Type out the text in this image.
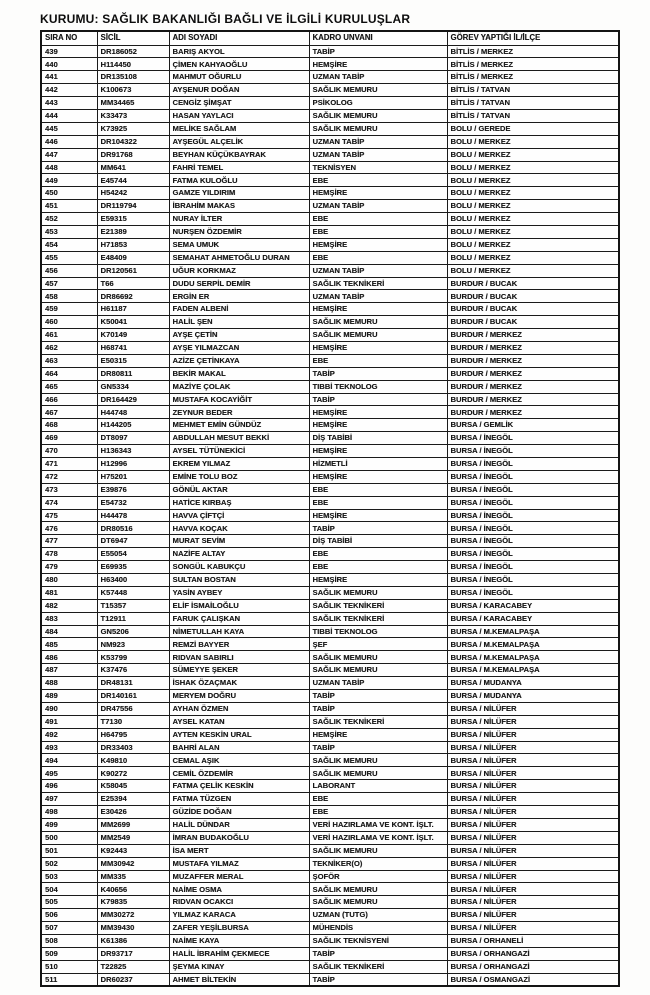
KURUMU: SAĞLIK BAKANLIĞI BAĞLI VE İLGİLİ KURULUŞLAR
SIRA NO	SİCİL	ADI SOYADI	KADRO UNVANI	GÖREV YAPTIĞI İL/İLÇE
439	DR186052	BARIŞ AKYOL	TABİP	BİTLİS / MERKEZ
440	H114450	ÇİMEN KAHYAOĞLU	HEMŞİRE	BİTLİS / MERKEZ
441	DR135108	MAHMUT OĞURLU	UZMAN TABİP	BİTLİS / MERKEZ
442	K100673	AYŞENUR DOĞAN	SAĞLIK MEMURU	BİTLİS / TATVAN
443	MM34465	CENGİZ ŞİMŞAT	PSİKOLOG	BİTLİS / TATVAN
444	K33473	HASAN YAYLACI	SAĞLIK MEMURU	BİTLİS / TATVAN
445	K73925	MELİKE SAĞLAM	SAĞLIK MEMURU	BOLU / GEREDE
446	DR104322	AYŞEGÜL ALÇELİK	UZMAN TABİP	BOLU / MERKEZ
447	DR91768	BEYHAN KÜÇÜKBAYRAK	UZMAN TABİP	BOLU / MERKEZ
448	MM641	FAHRİ TEMEL	TEKNİSYEN	BOLU / MERKEZ
449	E45744	FATMA KULOĞLU	EBE	BOLU / MERKEZ
450	H54242	GAMZE YILDIRIM	HEMŞİRE	BOLU / MERKEZ
451	DR119794	İBRAHİM MAKAS	UZMAN TABİP	BOLU / MERKEZ
452	E59315	NURAY İLTER	EBE	BOLU / MERKEZ
453	E21389	NURŞEN ÖZDEMİR	EBE	BOLU / MERKEZ
454	H71853	SEMA UMUK	HEMŞİRE	BOLU / MERKEZ
455	E48409	SEMAHAT AHMETOĞLU DURAN	EBE	BOLU / MERKEZ
456	DR120561	UĞUR KORKMAZ	UZMAN TABİP	BOLU / MERKEZ
457	T66	DUDU SERPİL DEMİR	SAĞLIK TEKNİKERİ	BURDUR / BUCAK
458	DR86692	ERGİN ER	UZMAN TABİP	BURDUR / BUCAK
459	H61187	FADEN ALBENİ	HEMŞİRE	BURDUR / BUCAK
460	K50041	HALİL ŞEN	SAĞLIK MEMURU	BURDUR / BUCAK
461	K70149	AYŞE ÇETİN	SAĞLIK MEMURU	BURDUR / MERKEZ
462	H68741	AYŞE YILMAZCAN	HEMŞİRE	BURDUR / MERKEZ
463	E50315	AZİZE ÇETİNKAYA	EBE	BURDUR / MERKEZ
464	DR80811	BEKİR MAKAL	TABİP	BURDUR / MERKEZ
465	GN5334	MAZİYE ÇOLAK	TIBBİ TEKNOLOG	BURDUR / MERKEZ
466	DR164429	MUSTAFA KOCAYİĞİT	TABİP	BURDUR / MERKEZ
467	H44748	ZEYNUR BEDER	HEMŞİRE	BURDUR / MERKEZ
468	H144205	MEHMET EMİN GÜNDÜZ	HEMŞİRE	BURSA / GEMLİK
469	DT8097	ABDULLAH MESUT BEKKİ	DİŞ TABİBİ	BURSA / İNEGÖL
470	H136343	AYSEL TÜTÜNEKİCİ	HEMŞİRE	BURSA / İNEGÖL
471	H12996	EKREM YILMAZ	HİZMETLİ	BURSA / İNEGÖL
472	H75201	EMİNE TOLU BOZ	HEMŞİRE	BURSA / İNEGÖL
473	E39876	GÖNÜL AKTAR	EBE	BURSA / İNEGÖL
474	E54732	HATİCE KIRBAŞ	EBE	BURSA / İNEGÖL
475	H44478	HAVVA ÇİFTÇİ	HEMŞİRE	BURSA / İNEGÖL
476	DR80516	HAVVA KOÇAK	TABİP	BURSA / İNEGÖL
477	DT6947	MURAT SEVİM	DİŞ TABİBİ	BURSA / İNEGÖL
478	E55054	NAZİFE ALTAY	EBE	BURSA / İNEGÖL
479	E69935	SONGÜL KABUKÇU	EBE	BURSA / İNEGÖL
480	H63400	SULTAN BOSTAN	HEMŞİRE	BURSA / İNEGÖL
481	K57448	YASİN AYBEY	SAĞLIK MEMURU	BURSA / İNEGÖL
482	T15357	ELİF İSMAİLOĞLU	SAĞLIK TEKNİKERİ	BURSA / KARACABEY
483	T12911	FARUK ÇALIŞKAN	SAĞLIK TEKNİKERİ	BURSA / KARACABEY
484	GN5206	NİMETULLAH KAYA	TIBBİ TEKNOLOG	BURSA / M.KEMALPAŞA
485	NM923	REMZİ BAYYER	ŞEF	BURSA / M.KEMALPAŞA
486	K53799	RIDVAN SABIRLI	SAĞLIK MEMURU	BURSA / M.KEMALPAŞA
487	K37476	SÜMEYYE ŞEKER	SAĞLIK MEMURU	BURSA / M.KEMALPAŞA
488	DR48131	İSHAK ÖZAÇMAK	UZMAN TABİP	BURSA / MUDANYA
489	DR140161	MERYEM DOĞRU	TABİP	BURSA / MUDANYA
490	DR47556	AYHAN ÖZMEN	TABİP	BURSA / NİLÜFER
491	T7130	AYSEL KATAN	SAĞLIK TEKNİKERİ	BURSA / NİLÜFER
492	H64795	AYTEN KESKİN URAL	HEMŞİRE	BURSA / NİLÜFER
493	DR33403	BAHRİ ALAN	TABİP	BURSA / NİLÜFER
494	K49810	CEMAL AŞIK	SAĞLIK MEMURU	BURSA / NİLÜFER
495	K90272	CEMİL ÖZDEMİR	SAĞLIK MEMURU	BURSA / NİLÜFER
496	K58045	FATMA ÇELİK KESKİN	LABORANT	BURSA / NİLÜFER
497	E25394	FATMA TÜZGEN	EBE	BURSA / NİLÜFER
498	E30426	GÜZİDE DOĞAN	EBE	BURSA / NİLÜFER
499	MM2699	HALİL DÜNDAR	VERİ HAZIRLAMA VE KONT. İŞLT.	BURSA / NİLÜFER
500	MM2549	İMRAN BUDAKOĞLU	VERİ HAZIRLAMA VE KONT. İŞLT.	BURSA / NİLÜFER
501	K92443	İSA MERT	SAĞLIK MEMURU	BURSA / NİLÜFER
502	MM30942	MUSTAFA YILMAZ	TEKNİKER(O)	BURSA / NİLÜFER
503	MM335	MUZAFFER MERAL	ŞOFÖR	BURSA / NİLÜFER
504	K40656	NAİME OSMA	SAĞLIK MEMURU	BURSA / NİLÜFER
505	K79835	RIDVAN OCAKCI	SAĞLIK MEMURU	BURSA / NİLÜFER
506	MM30272	YILMAZ KARACA	UZMAN (TUTG)	BURSA / NİLÜFER
507	MM39430	ZAFER YEŞİLBURSA	MÜHENDİS	BURSA / NİLÜFER
508	K61386	NAİME KAYA	SAĞLIK TEKNİSYENİ	BURSA / ORHANELİ
509	DR93717	HALİL İBRAHİM ÇEKMECE	TABİP	BURSA / ORHANGAZİ
510	T22825	ŞEYMA KINAY	SAĞLIK TEKNİKERİ	BURSA / ORHANGAZİ
511	DR60237	AHMET BİLTEKİN	TABİP	BURSA / OSMANGAZİ
